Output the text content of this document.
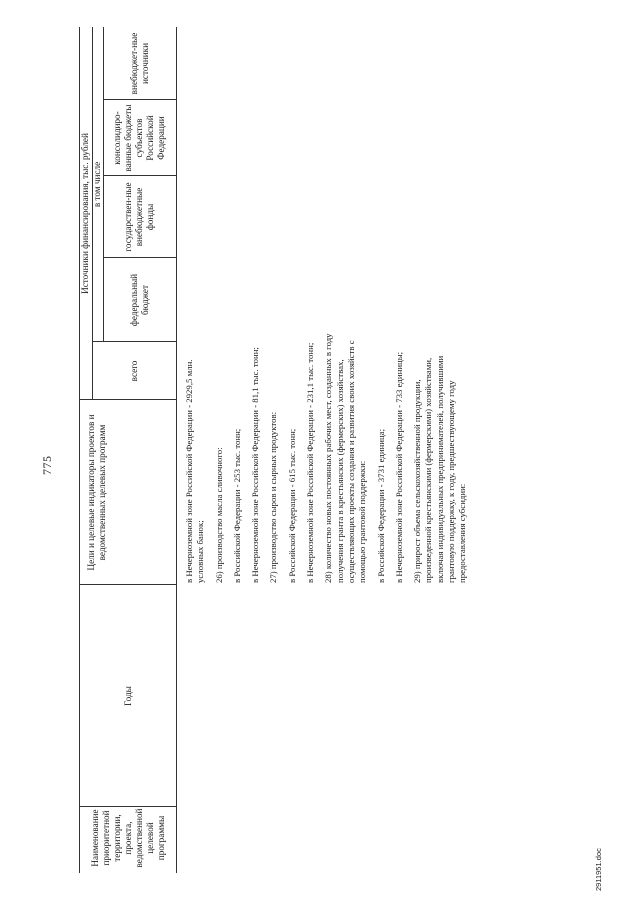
775
Наименование приоритетной территории, проекта, ведомственной целевой программы
Годы
Цели и целевые индикаторы проектов и ведомственных целевых программ
Источники финансирования, тыс. рублей
всего
в том числе
федеральный бюджет
государствен-ные внебюджетные фонды
консолидиро-ванные бюджеты субъектов Российской Федерации
внебюджет-ные источники
в Нечерноземной зоне Российской Федерации - 2929,5 млн. условных банок; 26) производство масла сливочного: в Российской Федерации - 253 тыс. тонн; в Нечерноземной зоне Российской Федерации - 81,1 тыс. тонн; 27) производство сыров и сырных продуктов: в Российской Федерации - 615 тыс. тонн; в Нечерноземной зоне Российской Федерации - 231,1 тыс. тонн; 28) количество новых постоянных рабочих мест, созданных в году получения гранта в крестьянских (фермерских) хозяйствах, осуществляющих проекты создания и развития своих хозяйств с помощью грантовой поддержки: в Российской Федерации - 3731 единица; в Нечерноземной зоне Российской Федерации - 733 единицы; 29) прирост объема сельскохозяйственной продукции, произведенной крестьянскими (фермерскими) хозяйствами, включая индивидуальных предпринимателей, получившими грантовую поддержку, к году, предшествующему году предоставления субсидии:
2911951.doc
